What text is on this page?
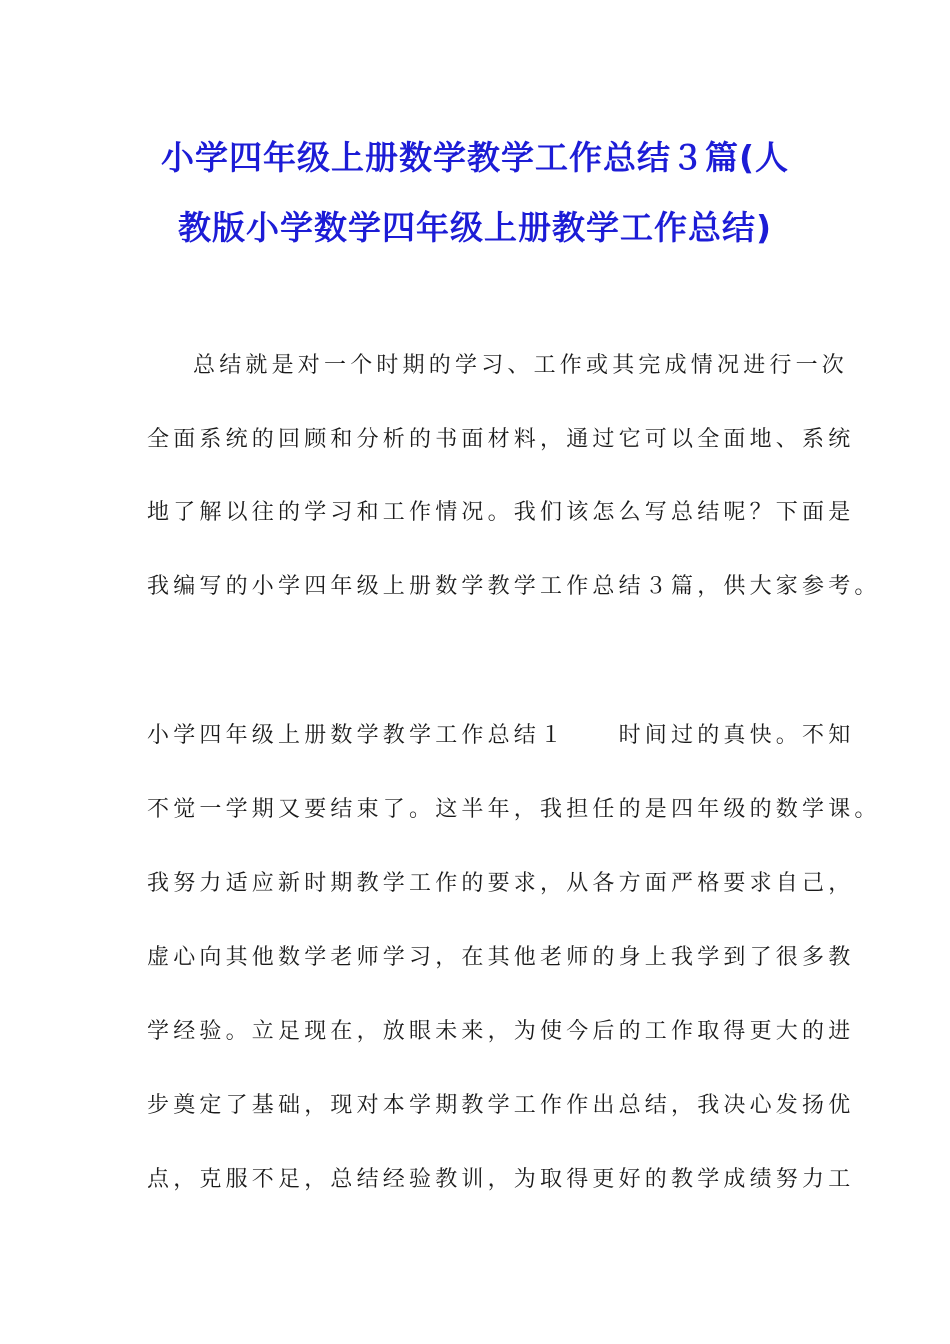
小学四年级上册数学教学工作总结３篇(人
教版小学数学四年级上册教学工作总结)
总结就是对一个时期的学习、工作或其完成情况进行一次
全面系统的回顾和分析的书面材料，通过它可以全面地、系统
地了解以往的学习和工作情况。我们该怎么写总结呢？下面是
我编写的小学四年级上册数学教学工作总结３篇，供大家参考。
小学四年级上册数学教学工作总结１　　时间过的真快。不知
不觉一学期又要结束了。这半年，我担任的是四年级的数学课。
我努力适应新时期教学工作的要求，从各方面严格要求自己，
虚心向其他数学老师学习，在其他老师的身上我学到了很多教
学经验。立足现在，放眼未来，为使今后的工作取得更大的进
步奠定了基础，现对本学期教学工作作出总结，我决心发扬优
点，克服不足，总结经验教训，为取得更好的教学成绩努力工
